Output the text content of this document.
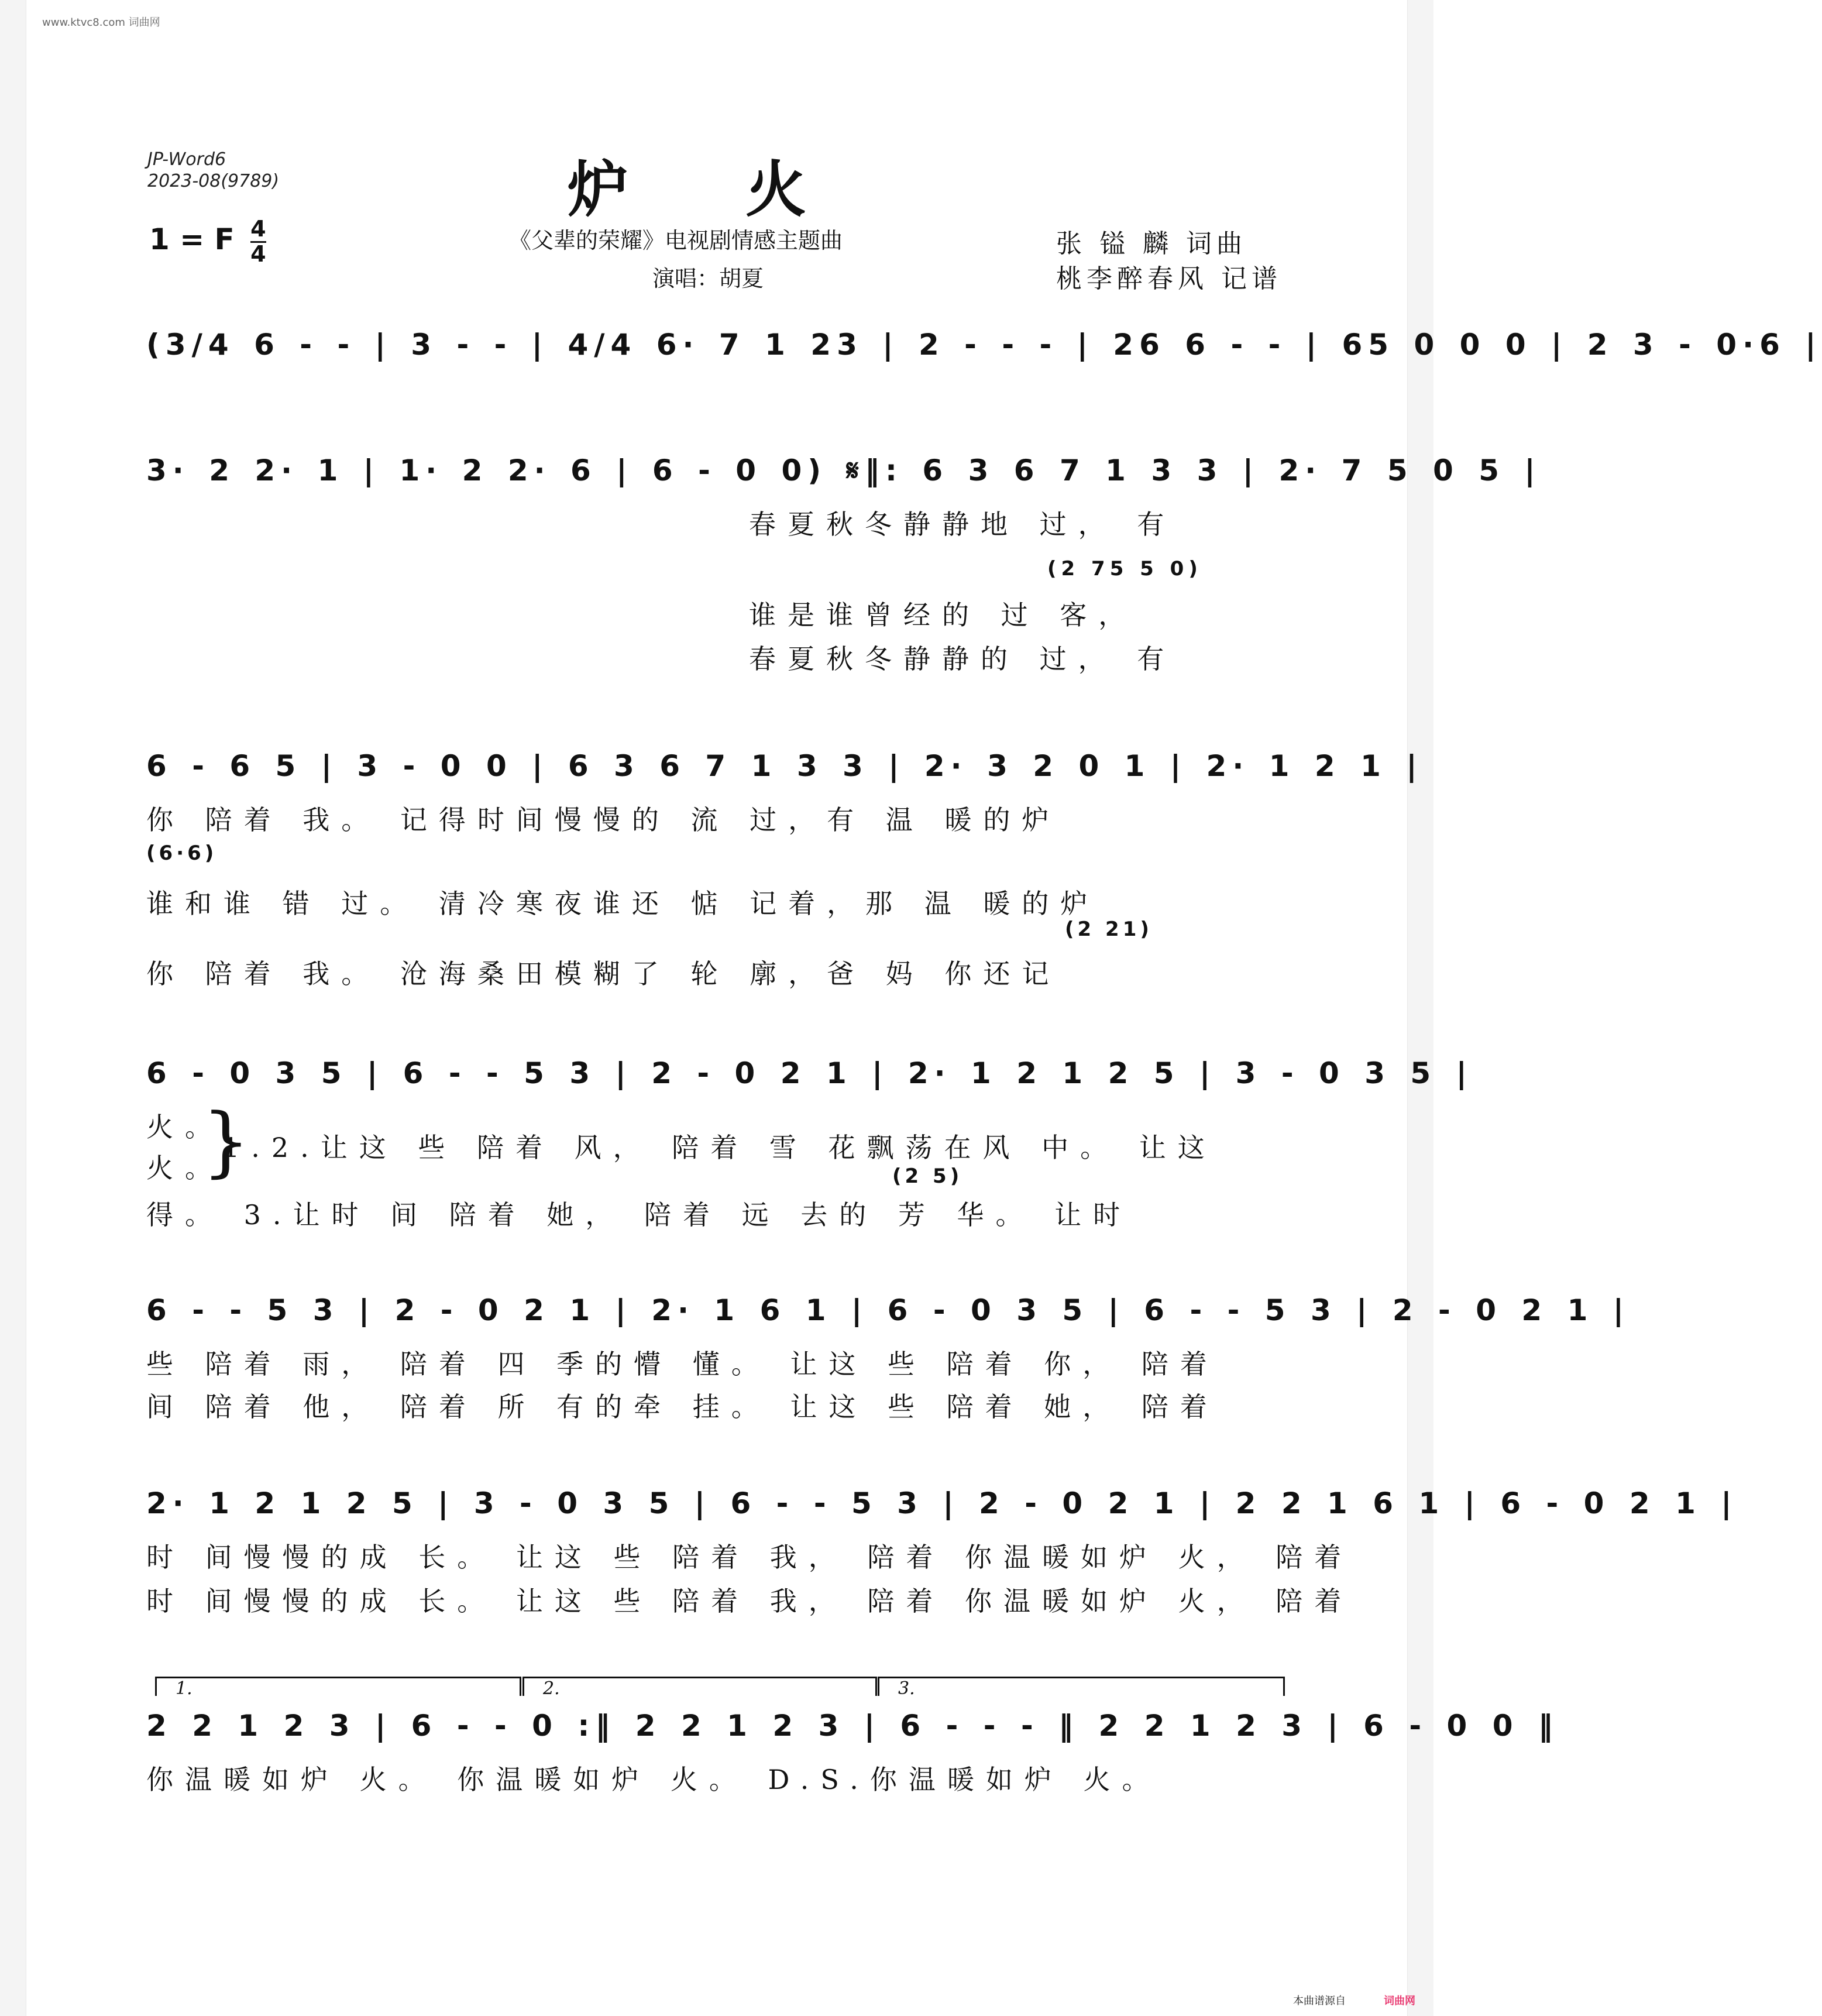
www.ktvc8.com 词曲网
JP-Word6
2023-08(9789)	炉火
1 = F $\frac{4}{4}$	《父辈的荣耀》电视剧情感主题曲
演唱：胡夏
张 镒 麟 词曲
桃李醉春风 记谱
(3/4 6 - - | 3 - - | 4/4 6· 7 1 23 | 2 - - - | 26 6 - - | 65 0 0 0 | 2 3 - 0·6 |
3· 2 2· 1 | 1· 2 2· 6 | 6 - 0 0) 𝄋‖: 6 3 6 7 1 3 3 | 2· 7 5 0 5 |
春夏秋冬静静地 过， 有
(2 75 5 0)
谁是谁曾经的 过 客，
春夏秋冬静静的 过， 有
6 - 6 5 | 3 - 0 0 | 6 3 6 7 1 3 3 | 2· 3 2 0 1 | 2· 1 2 1 |
你 陪着 我。 记得时间慢慢的 流 过，有 温 暖的炉
(6·6)
谁和谁 错 过。 清冷寒夜谁还 惦 记着，那 温 暖的炉
(2 21)
你 陪着 我。 沧海桑田模糊了 轮 廓，爸 妈 你还记
6 - 0 3 5 | 6 - - 5 3 | 2 - 0 2 1 | 2· 1 2 1 2 5 | 3 - 0 3 5 |
火。
火。
}
1.2.让这 些 陪着 风， 陪着 雪 花飘荡在风 中。 让这
(2 5)
得。 3.让时 间 陪着 她， 陪着 远 去的 芳 华。 让时
6 - - 5 3 | 2 - 0 2 1 | 2· 1 6 1 | 6 - 0 3 5 | 6 - - 5 3 | 2 - 0 2 1 |
些 陪着 雨， 陪着 四 季的懵 懂。 让这 些 陪着 你， 陪着
间 陪着 他， 陪着 所 有的牵 挂。 让这 些 陪着 她， 陪着
2· 1 2 1 2 5 | 3 - 0 3 5 | 6 - - 5 3 | 2 - 0 2 1 | 2 2 1 6 1 | 6 - 0 2 1 |
时 间慢慢的成 长。 让这 些 陪着 我， 陪着 你温暖如炉 火， 陪着
时 间慢慢的成 长。 让这 些 陪着 我， 陪着 你温暖如炉 火， 陪着
1.	2.	3.
2 2 1 2 3 | 6 - - 0 :‖ 2 2 1 2 3 | 6 - - - ‖ 2 2 1 2 3 | 6 - 0 0 ‖
你温暖如炉 火。 你温暖如炉 火。 D.S.你温暖如炉 火。
本曲谱源自	词曲网
